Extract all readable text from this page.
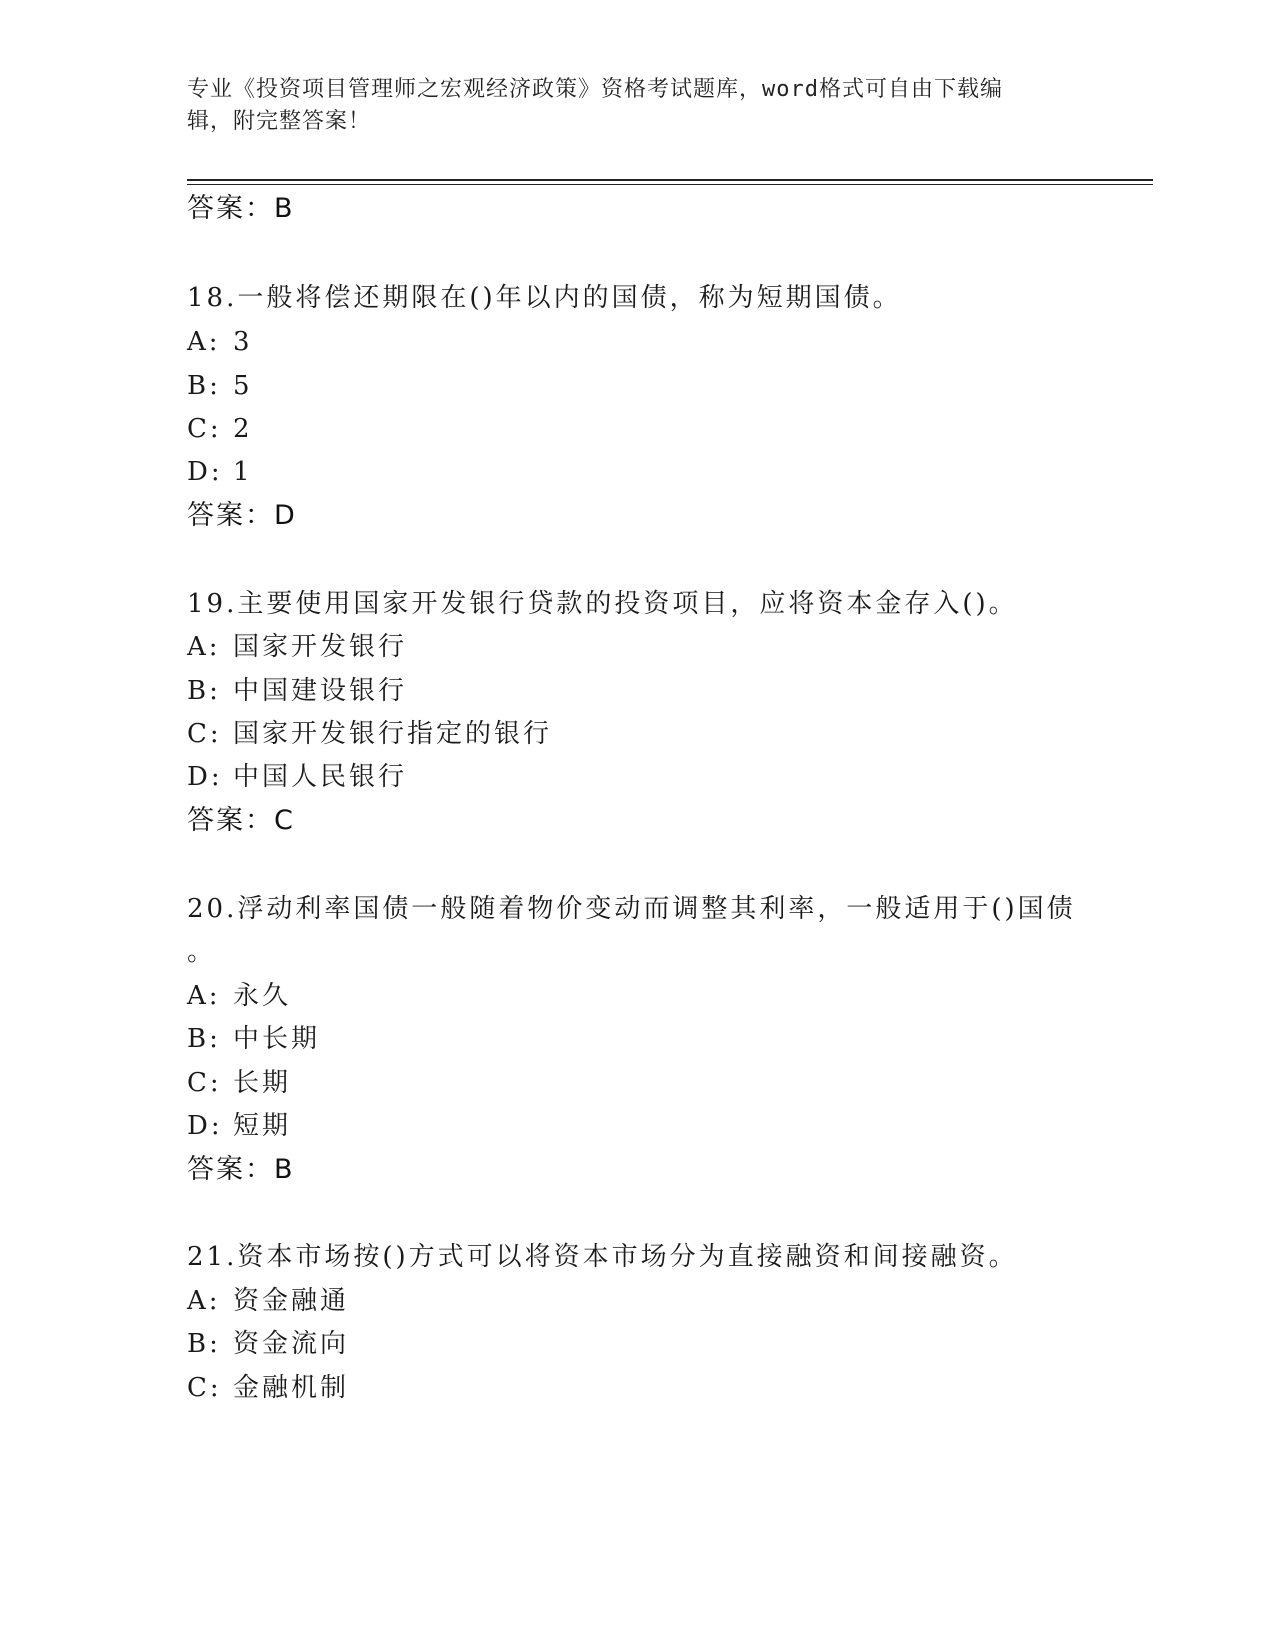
专业《投资项目管理师之宏观经济政策》资格考试题库，word格式可自由下载编
辑，附完整答案！
答案：B
18.一般将偿还期限在()年以内的国债，称为短期国债。
A: 3
B: 5
C: 2
D: 1
答案：D
19.主要使用国家开发银行贷款的投资项目，应将资本金存入()。
A: 国家开发银行
B: 中国建设银行
C: 国家开发银行指定的银行
D: 中国人民银行
答案：C
20.浮动利率国债一般随着物价变动而调整其利率，一般适用于()国债
。
A: 永久
B: 中长期
C: 长期
D: 短期
答案：B
21.资本市场按()方式可以将资本市场分为直接融资和间接融资。
A: 资金融通
B: 资金流向
C: 金融机制
